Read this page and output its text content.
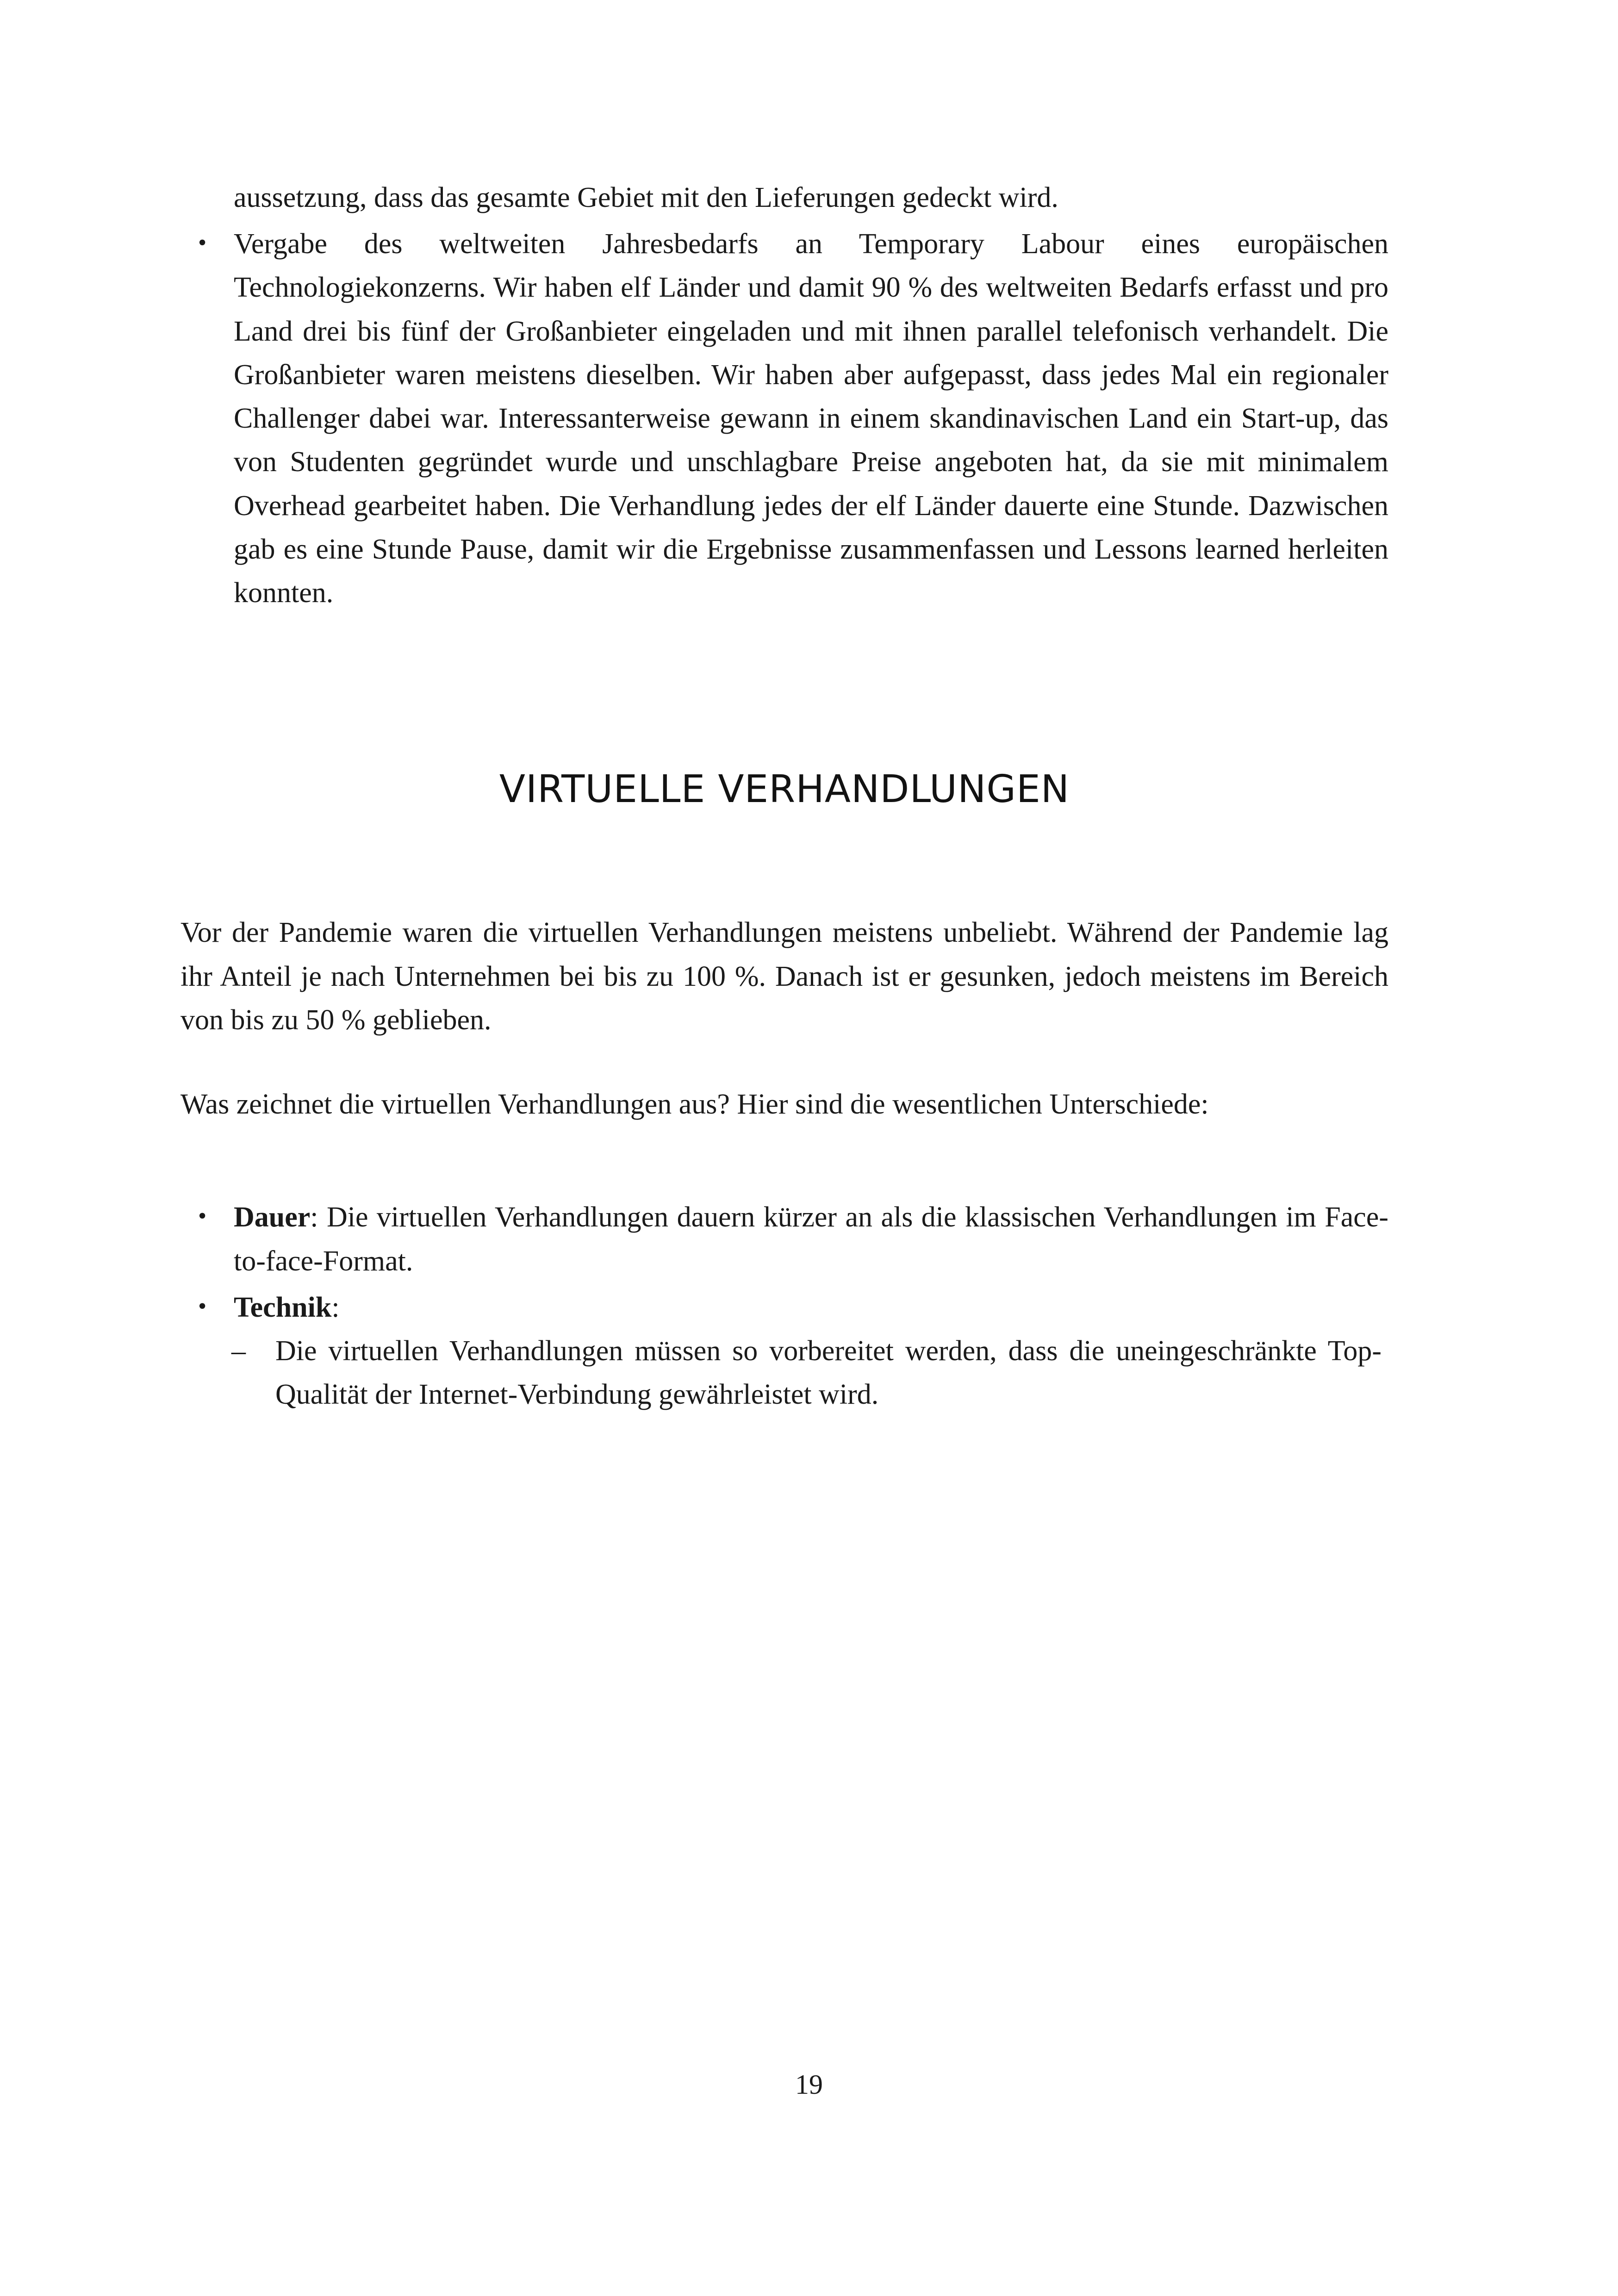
aussetzung, dass das gesamte Gebiet mit den Lieferungen gedeckt wird.

• Vergabe des weltweiten Jahresbedarfs an Temporary Labour eines europäischen Technologiekonzerns. Wir haben elf Länder und damit 90 % des weltweiten Bedarfs erfasst und pro Land drei bis fünf der Großanbieter eingeladen und mit ihnen parallel telefonisch verhandelt. Die Großanbieter waren meistens dieselben. Wir haben aber aufgepasst, dass jedes Mal ein regionaler Challenger dabei war. Interessanterweise gewann in einem skandinavischen Land ein Start-up, das von Studenten gegründet wurde und unschlagbare Preise angeboten hat, da sie mit minimalem Overhead gearbeitet haben. Die Verhandlung jedes der elf Länder dauerte eine Stunde. Dazwischen gab es eine Stunde Pause, damit wir die Ergebnisse zusammenfassen und Lessons learned herleiten konnten.
VIRTUELLE VERHANDLUNGEN

Vor der Pandemie waren die virtuellen Verhandlungen meistens unbeliebt. Während der Pandemie lag ihr Anteil je nach Unternehmen bei bis zu 100 %. Danach ist er gesunken, jedoch meistens im Bereich von bis zu 50 % geblieben.

Was zeichnet die virtuellen Verhandlungen aus? Hier sind die wesentlichen Unterschiede:

• Dauer: Die virtuellen Verhandlungen dauern kürzer an als die klassischen Verhandlungen im Face-to-face-Format.
• Technik:
– Die virtuellen Verhandlungen müssen so vorbereitet werden, dass die uneingeschränkte Top-Qualität der Internet-Verbindung gewährleistet wird.
19
